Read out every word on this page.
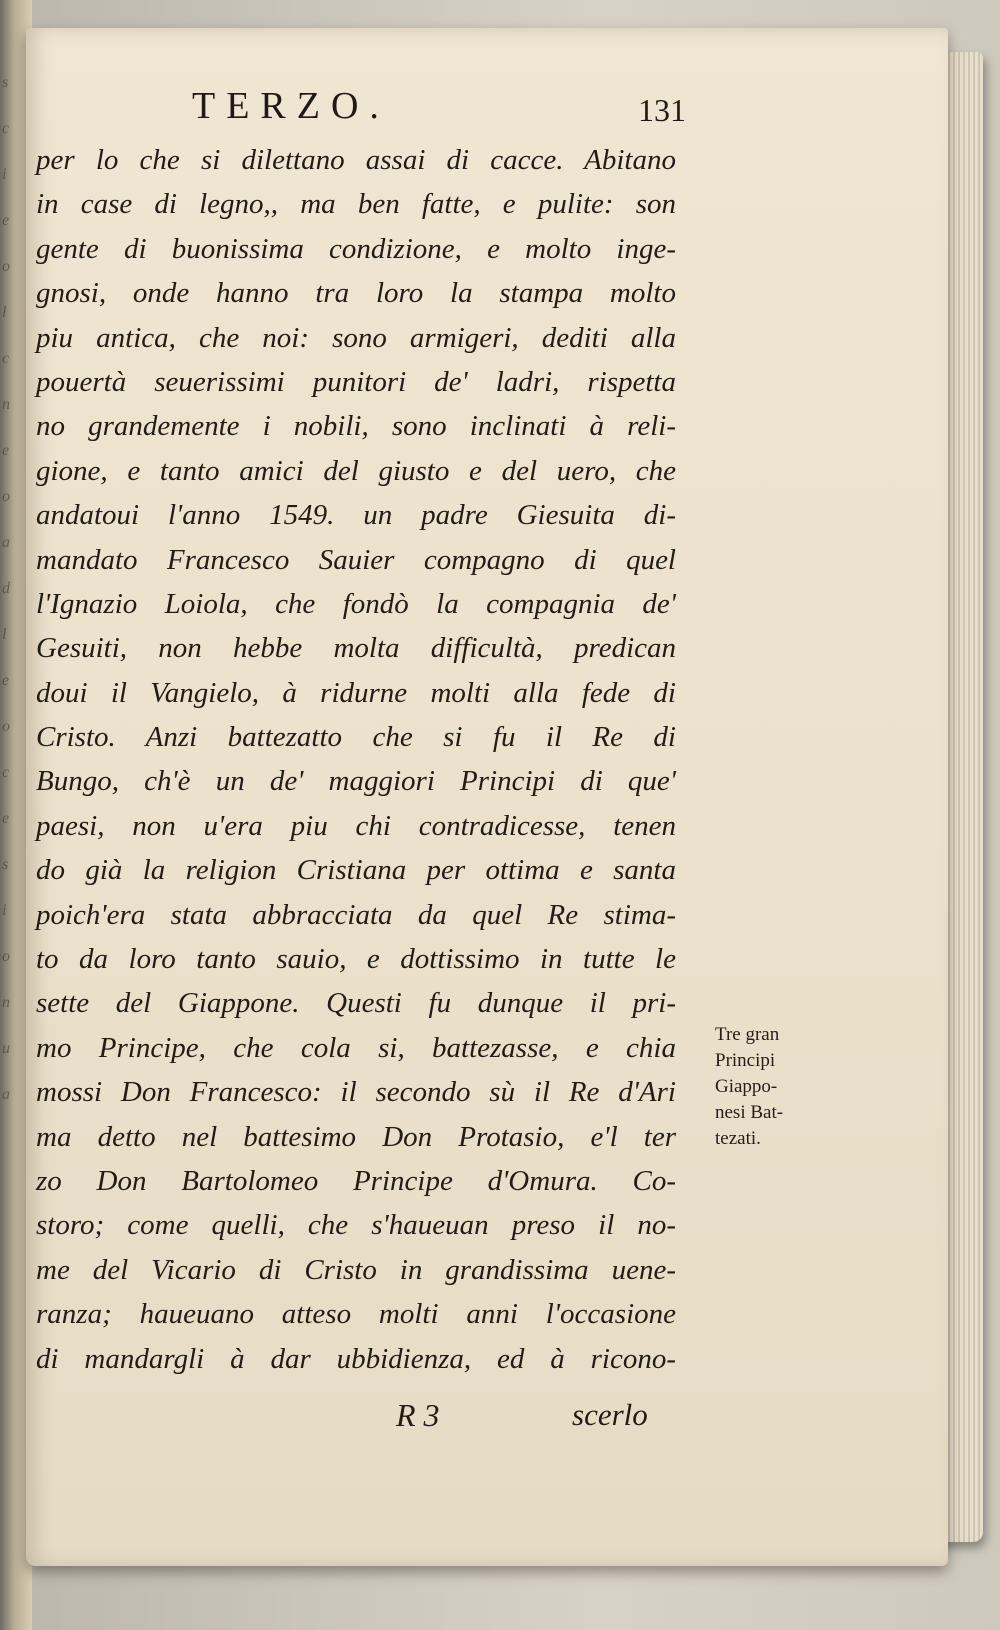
s
c
i
e
o
l
c
n
e
o
a
d
l
e
o
c
e
s
i
o
n
u
a
TERZO.	131
per lo che si dilettano assai di cacce. Abitano
in case di legno,, ma ben fatte, e pulite: son
gente di buonissima condizione, e molto inge-
gnosi, onde hanno tra loro la stampa molto
piu antica, che noi: sono armigeri, dediti alla
pouertà seuerissimi punitori de' ladri, rispetta
no grandemente i nobili, sono inclinati à reli-
gione, e tanto amici del giusto e del uero, che
andatoui l'anno 1549. un padre Giesuita di-
mandato Francesco Sauier compagno di quel
l'Ignazio Loiola, che fondò la compagnia de'
Gesuiti, non hebbe molta difficultà, predican
doui il Vangielo, à ridurne molti alla fede di
Cristo. Anzi battezatto che si fu il Re di
Bungo, ch'è un de' maggiori Principi di que'
paesi, non u'era piu chi contradicesse, tenen
do già la religion Cristiana per ottima e santa
poich'era stata abbracciata da quel Re stima-
to da loro tanto sauio, e dottissimo in tutte le
sette del Giappone. Questi fu dunque il pri-
mo Principe, che cola si, battezasse, e chia
mossi Don Francesco: il secondo sù il Re d'Ari
ma detto nel battesimo Don Protasio, e'l ter
zo Don Bartolomeo Principe d'Omura. Co-
storo; come quelli, che s'haueuan preso il no-
me del Vicario di Cristo in grandissima uene-
ranza; haueuano atteso molti anni l'occasione
di mandargli à dar ubbidienza, ed à ricono-
Tre gran
Principi
Giappo-
nesi Bat-
tezati.
R 3	scerlo
